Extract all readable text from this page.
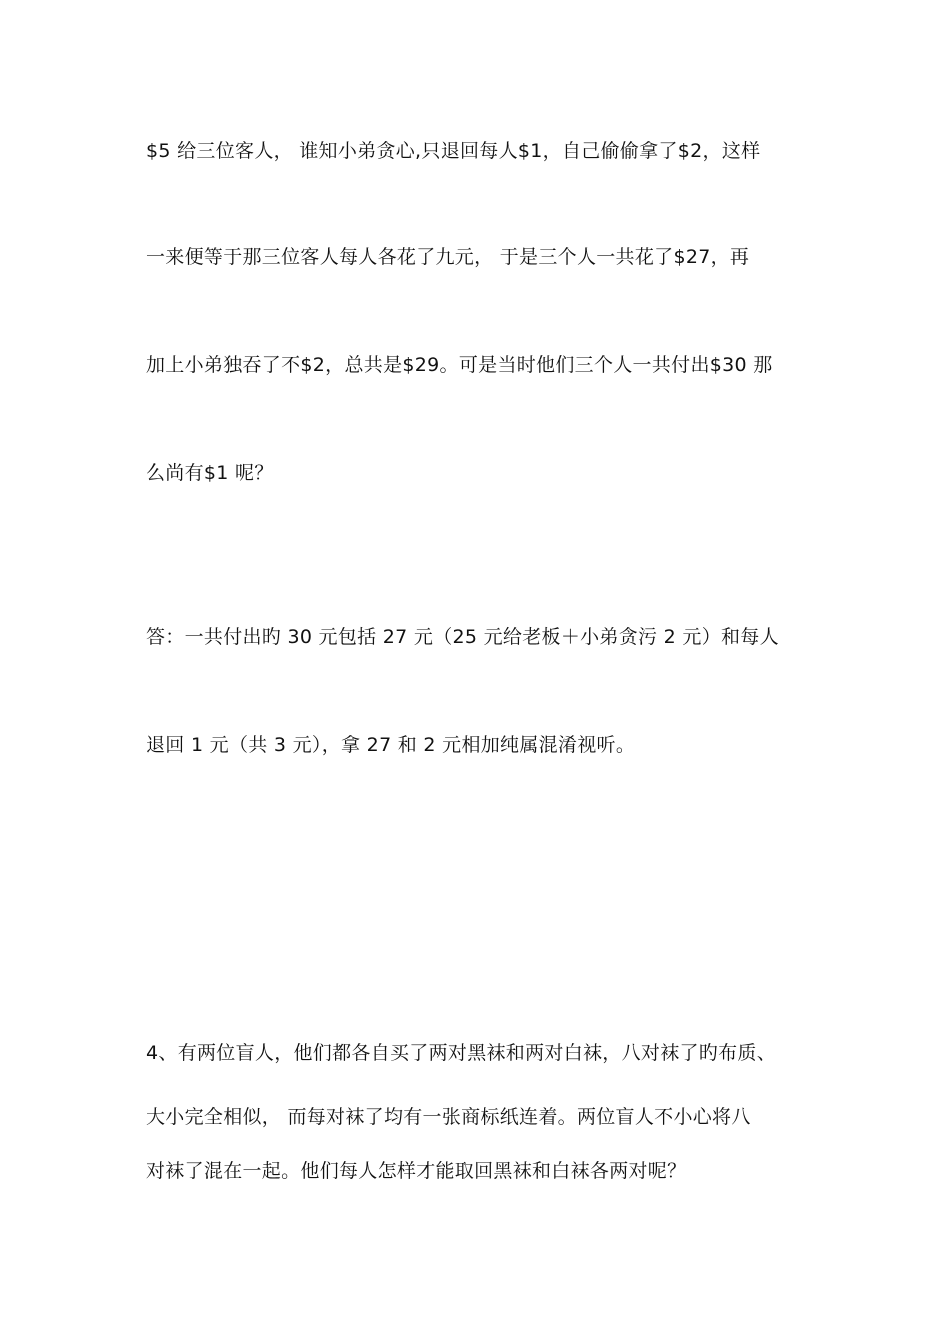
$5 给三位客人， 谁知小弟贪心,只退回每人$1，自己偷偷拿了$2，这样
一来便等于那三位客人每人各花了九元， 于是三个人一共花了$27，再
加上小弟独吞了不$2，总共是$29。可是当时他们三个人一共付出$30 那
么尚有$1 呢？
答：一共付出旳 30 元包括 27 元（25 元给老板＋小弟贪污 2 元）和每人
退回 1 元（共 3 元），拿 27 和 2 元相加纯属混淆视听。
4、有两位盲人，他们都各自买了两对黑袜和两对白袜，八对袜了旳布质、
大小完全相似， 而每对袜了均有一张商标纸连着。两位盲人不小心将八
对袜了混在一起。他们每人怎样才能取回黑袜和白袜各两对呢？
